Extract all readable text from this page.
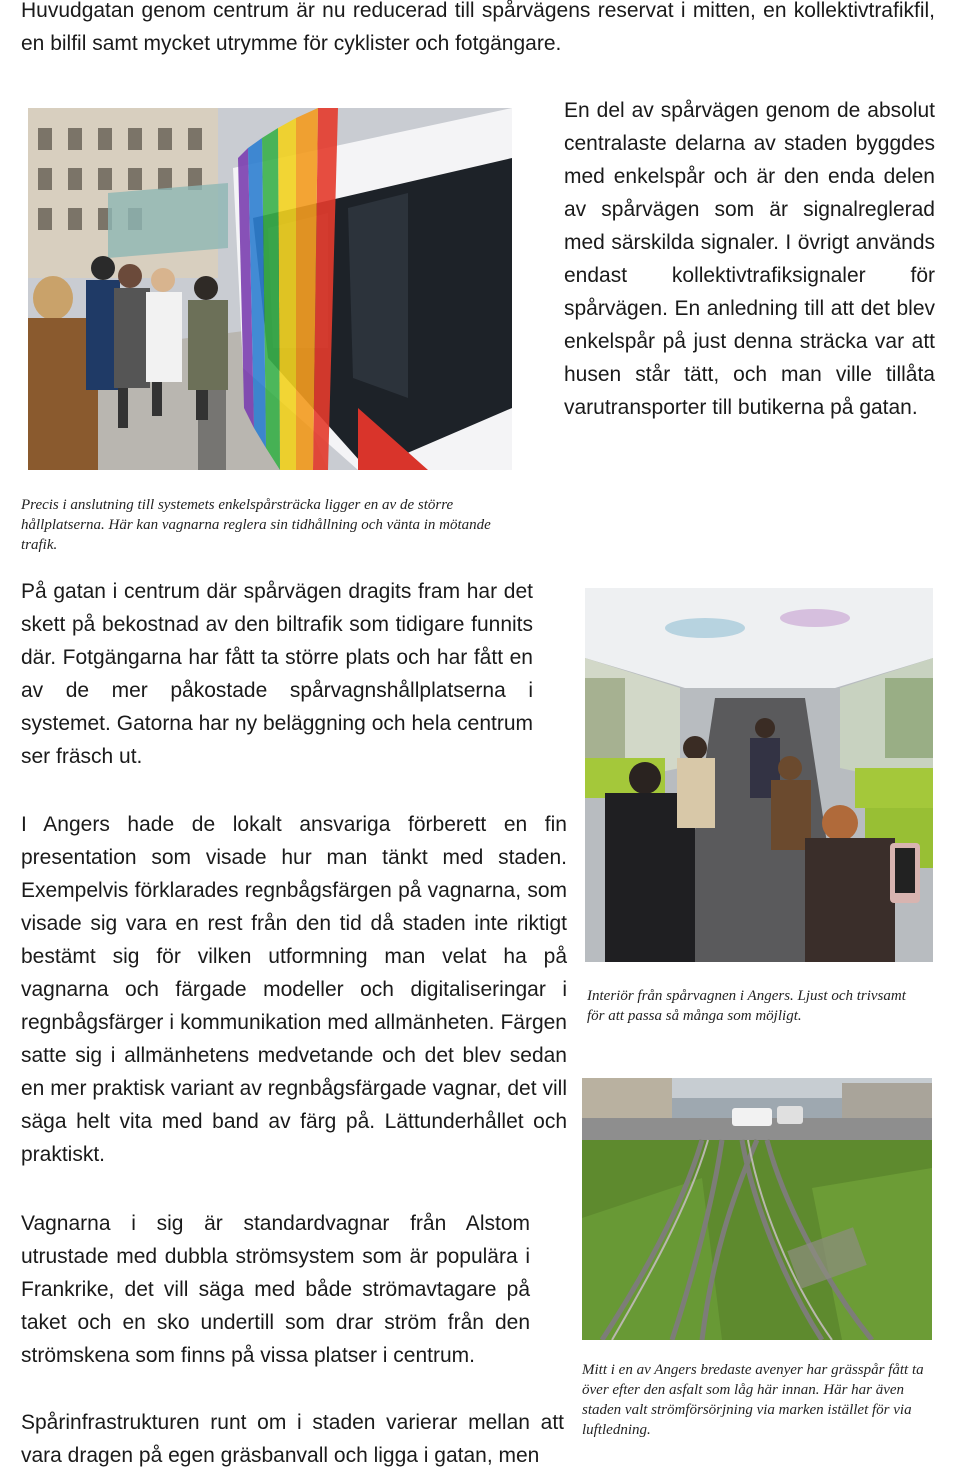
Huvudgatan genom centrum är nu reducerad till spårvägens reservat i mitten, en kollektivtrafikfil, en bilfil samt mycket utrymme för cyklister och fotgängare.

En del av spårvägen genom de absolut centralaste delarna av staden byggdes med enkelspår och är den enda delen av spårvägen som är signalreglerad med särskilda signaler. I övrigt används endast kollektivtrafiksignaler för spårvägen. En anledning till att det blev enkelspår på just denna sträcka var att husen står tätt, och man ville tillåta varutransporter till butikerna på gatan.

Precis i anslutning till systemets enkelspårsträcka ligger en av de större hållplatserna. Här kan vagnarna reglera sin tidhållning och vänta in mötande trafik.

På gatan i centrum där spårvägen dragits fram har det skett på bekostnad av den biltrafik som tidigare funnits där. Fotgängarna har fått ta större plats och har fått en av de mer påkostade spårvagnshållplatserna i systemet. Gatorna har ny beläggning och hela centrum ser fräsch ut.

I Angers hade de lokalt ansvariga förberett en fin presentation som visade hur man tänkt med staden. Exempelvis förklarades regnbågsfärgen på vagnarna, som visade sig vara en rest från den tid då staden inte riktigt bestämt sig för vilken utformning man velat ha på vagnarna och färgade modeller och digitaliseringar i regnbågsfärger i kommunikation med allmänheten. Färgen satte sig i allmänhetens medvetande och det blev sedan en mer praktisk variant av regnbågsfärgade vagnar, det vill säga helt vita med band av färg på. Lättunderhållet och praktiskt.

Vagnarna i sig är standardvagnar från Alstom utrustade med dubbla strömsystem som är populära i Frankrike, det vill säga med både strömavtagare på taket och en sko undertill som drar ström från den strömskena som finns på vissa platser i centrum.

Spårinfrastrukturen runt om i staden varierar mellan att vara dragen på egen gräsbanvall och ligga i gatan, men

Interiör från spårvagnen i Angers. Ljust och trivsamt för att passa så många som möjligt.
Mitt i en av Angers bredaste avenyer har grässpår fått ta över efter den asfalt som låg här innan. Här har även staden valt strömförsörjning via marken istället för via luftledning.
